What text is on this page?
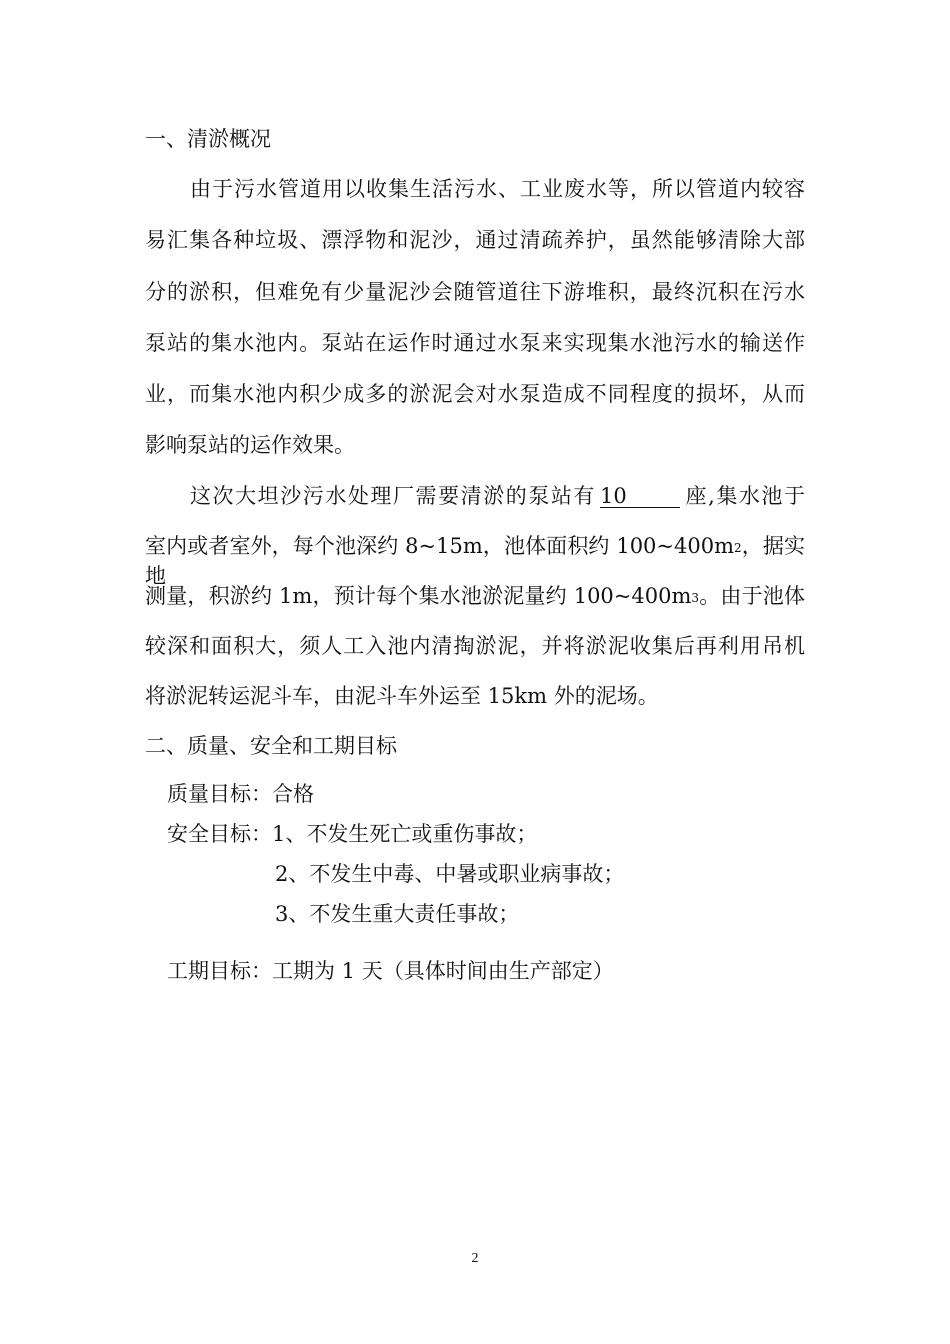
一、清淤概况
由于污水管道用以收集生活污水、工业废水等，所以管道内较容
易汇集各种垃圾、漂浮物和泥沙，通过清疏养护，虽然能够清除大部
分的淤积，但难免有少量泥沙会随管道往下游堆积，最终沉积在污水
泵站的集水池内。泵站在运作时通过水泵来实现集水池污水的输送作
业，而集水池内积少成多的淤泥会对水泵造成不同程度的损坏，从而
影响泵站的运作效果。
这次大坦沙污水处理厂需要清淤的泵站有 10	座,集水池于
室内或者室外，每个池深约 8~15m，池体面积约 $100\sim 400m_2$，据实地
测量，积淤约 1m，预计每个集水池淤泥量约 $100\sim 400m_3$。由于池体
较深和面积大，须人工入池内清掏淤泥，并将淤泥收集后再利用吊机
将淤泥转运泥斗车，由泥斗车外运至 15km 外的泥场。
二、质量、安全和工期目标
质量目标：合格
安全目标：1、不发生死亡或重伤事故；
2、不发生中毒、中暑或职业病事故；
3、不发生重大责任事故；
工期目标：工期为 1 天（具体时间由生产部定）
2
